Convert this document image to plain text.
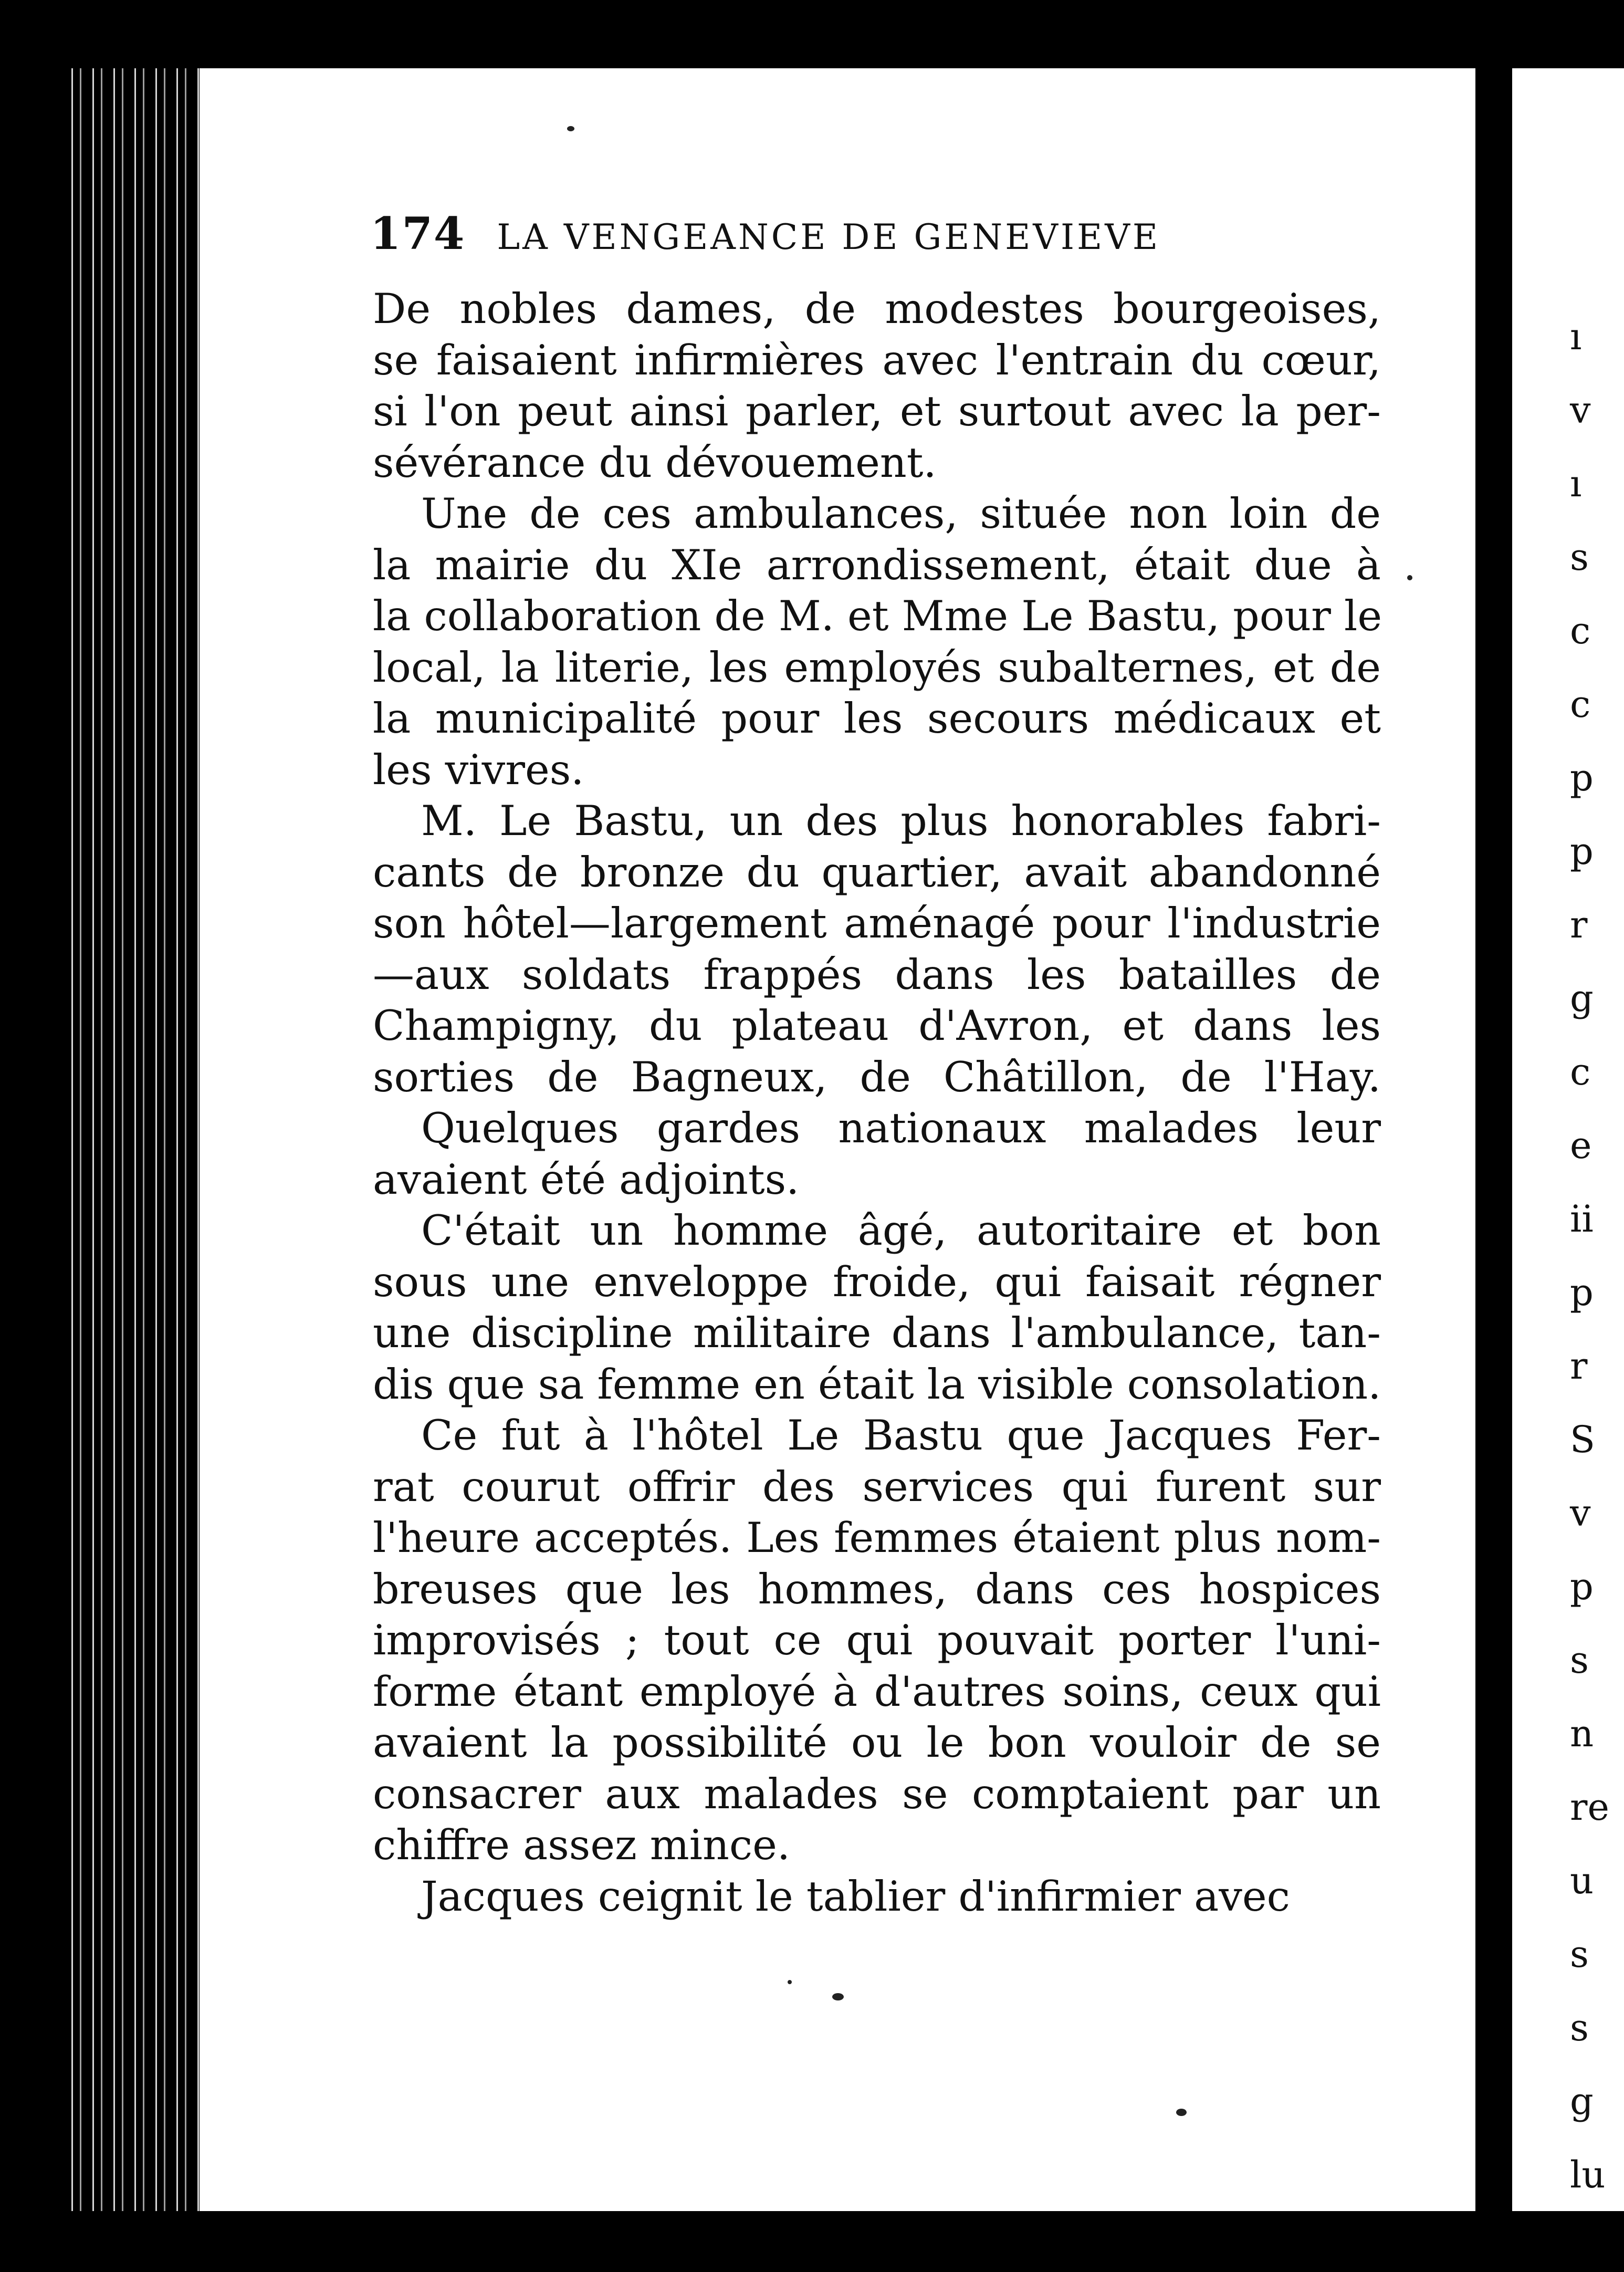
ı
v
ı
s
c
c
p
p
r
g
c
e
ii
p
r
S
v
p
s
n
re
u
s
s
g
lu
174 LA VENGEANCE DE GENEVIEVE
De nobles dames, de modestes bourgeoises,
se faisaient infirmières avec l'entrain du cœur,
si l'on peut ainsi parler, et surtout avec la per-
sévérance du dévouement.
Une de ces ambulances, située non loin de
la mairie du XIe arrondissement, était due à
la collaboration de M. et Mme Le Bastu, pour le
local, la literie, les employés subalternes, et de
la municipalité pour les secours médicaux et
les vivres.
M. Le Bastu, un des plus honorables fabri-
cants de bronze du quartier, avait abandonné
son hôtel—largement aménagé pour l'industrie
—aux soldats frappés dans les batailles de
Champigny, du plateau d'Avron, et dans les
sorties de Bagneux, de Châtillon, de l'Hay.
Quelques gardes nationaux malades leur
avaient été adjoints.
C'était un homme âgé, autoritaire et bon
sous une enveloppe froide, qui faisait régner
une discipline militaire dans l'ambulance, tan-
dis que sa femme en était la visible consolation.
Ce fut à l'hôtel Le Bastu que Jacques Fer-
rat courut offrir des services qui furent sur
l'heure acceptés. Les femmes étaient plus nom-
breuses que les hommes, dans ces hospices
improvisés ; tout ce qui pouvait porter l'uni-
forme étant employé à d'autres soins, ceux qui
avaient la possibilité ou le bon vouloir de se
consacrer aux malades se comptaient par un
chiffre assez mince.
Jacques ceignit le tablier d'infirmier avec
